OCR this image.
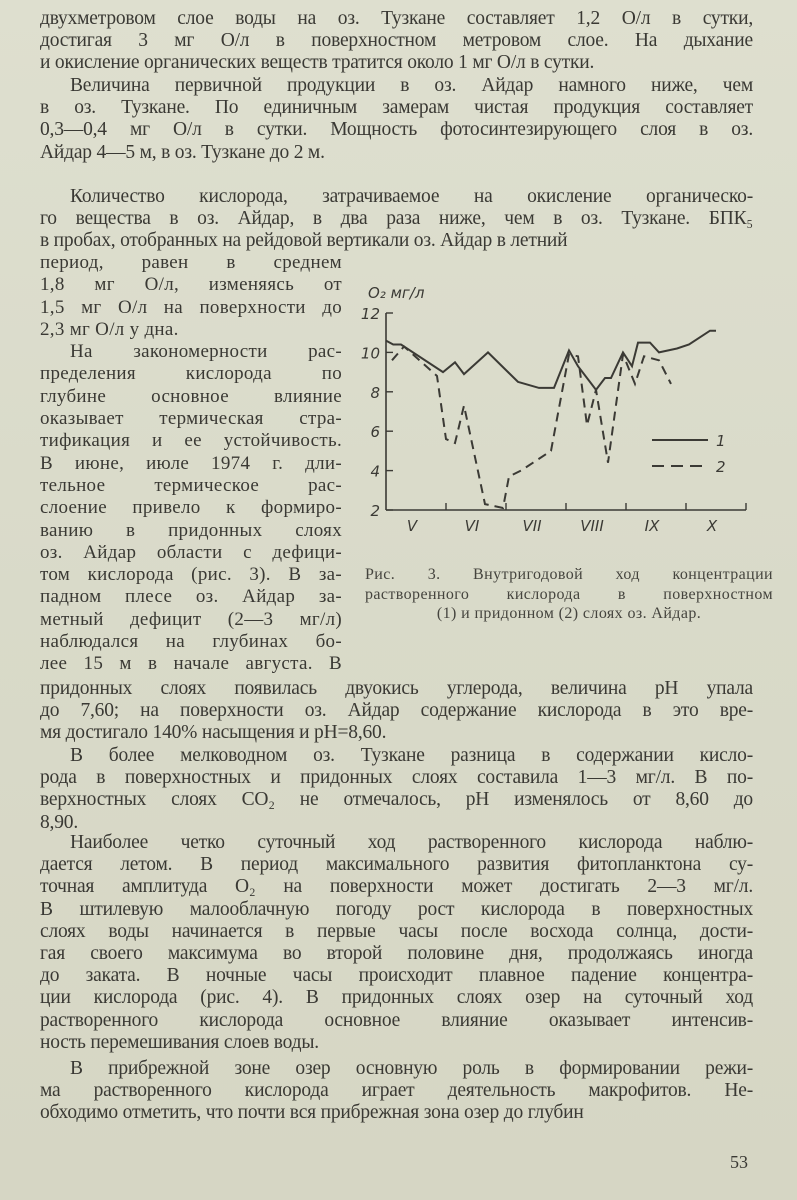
двухметровом слое воды на оз. Тузкане составляет 1,2 О/л в сутки,
достигая 3 мг О/л в поверхностном метровом слое. На дыхание
и окисление органических веществ тратится около 1 мг О/л в сутки.
Величина первичной продукции в оз. Айдар намного ниже, чем
в оз. Тузкане. По единичным замерам чистая продукция составляет
0,3—0,4 мг О/л в сутки. Мощность фотосинтезирующего слоя в оз.
Айдар 4—5 м, в оз. Тузкане до 2 м.
Количество кислорода, затрачиваемое на окисление органическо-
го вещества в оз. Айдар, в два раза ниже, чем в оз. Тузкане. БПК₅
в пробах, отобранных на рейдовой вертикали оз. Айдар в летний
период, равен в среднем
1,8 мг О/л, изменяясь от
1,5 мг О/л на поверхности до
2,3 мг О/л у дна.
На закономерности рас-
пределения кислорода по
глубине основное влияние
оказывает термическая стра-
тификация и ее устойчивость.
В июне, июле 1974 г. дли-
тельное термическое рас-
слоение привело к формиро-
ванию в придонных слоях
оз. Айдар области с дефици-
том кислорода (рис. 3). В за-
падном плесе оз. Айдар за-
метный дефицит (2—3 мг/л)
наблюдался на глубинах бо-
лее 15 м в начале августа. В
O₂ мг/л
2
4
6
8
10
12
V	VI	VII	VIII	IX	X
1
2
Рис. 3. Внутригодовой ход концентрации
растворенного кислорода в поверхностном
(1) и придонном (2) слоях оз. Айдар.
придонных слоях появилась двуокись углерода, величина pH упала
до 7,60; на поверхности оз. Айдар содержание кислорода в это вре-
мя достигало 140% насыщения и pH=8,60.
В более мелководном оз. Тузкане разница в содержании кисло-
рода в поверхностных и придонных слоях составила 1—3 мг/л. В по-
верхностных слоях CO₂ не отмечалось, pH изменялось от 8,60 до
8,90.
Наиболее четко суточный ход растворенного кислорода наблю-
дается летом. В период максимального развития фитопланктона су-
точная амплитуда O₂ на поверхности может достигать 2—3 мг/л.
В штилевую малооблачную погоду рост кислорода в поверхностных
слоях воды начинается в первые часы после восхода солнца, дости-
гая своего максимума во второй половине дня, продолжаясь иногда
до заката. В ночные часы происходит плавное падение концентра-
ции кислорода (рис. 4). В придонных слоях озер на суточный ход
растворенного кислорода основное влияние оказывает интенсив-
ность перемешивания слоев воды.
В прибрежной зоне озер основную роль в формировании режи-
ма растворенного кислорода играет деятельность макрофитов. Не-
обходимо отметить, что почти вся прибрежная зона озер до глубин
53
